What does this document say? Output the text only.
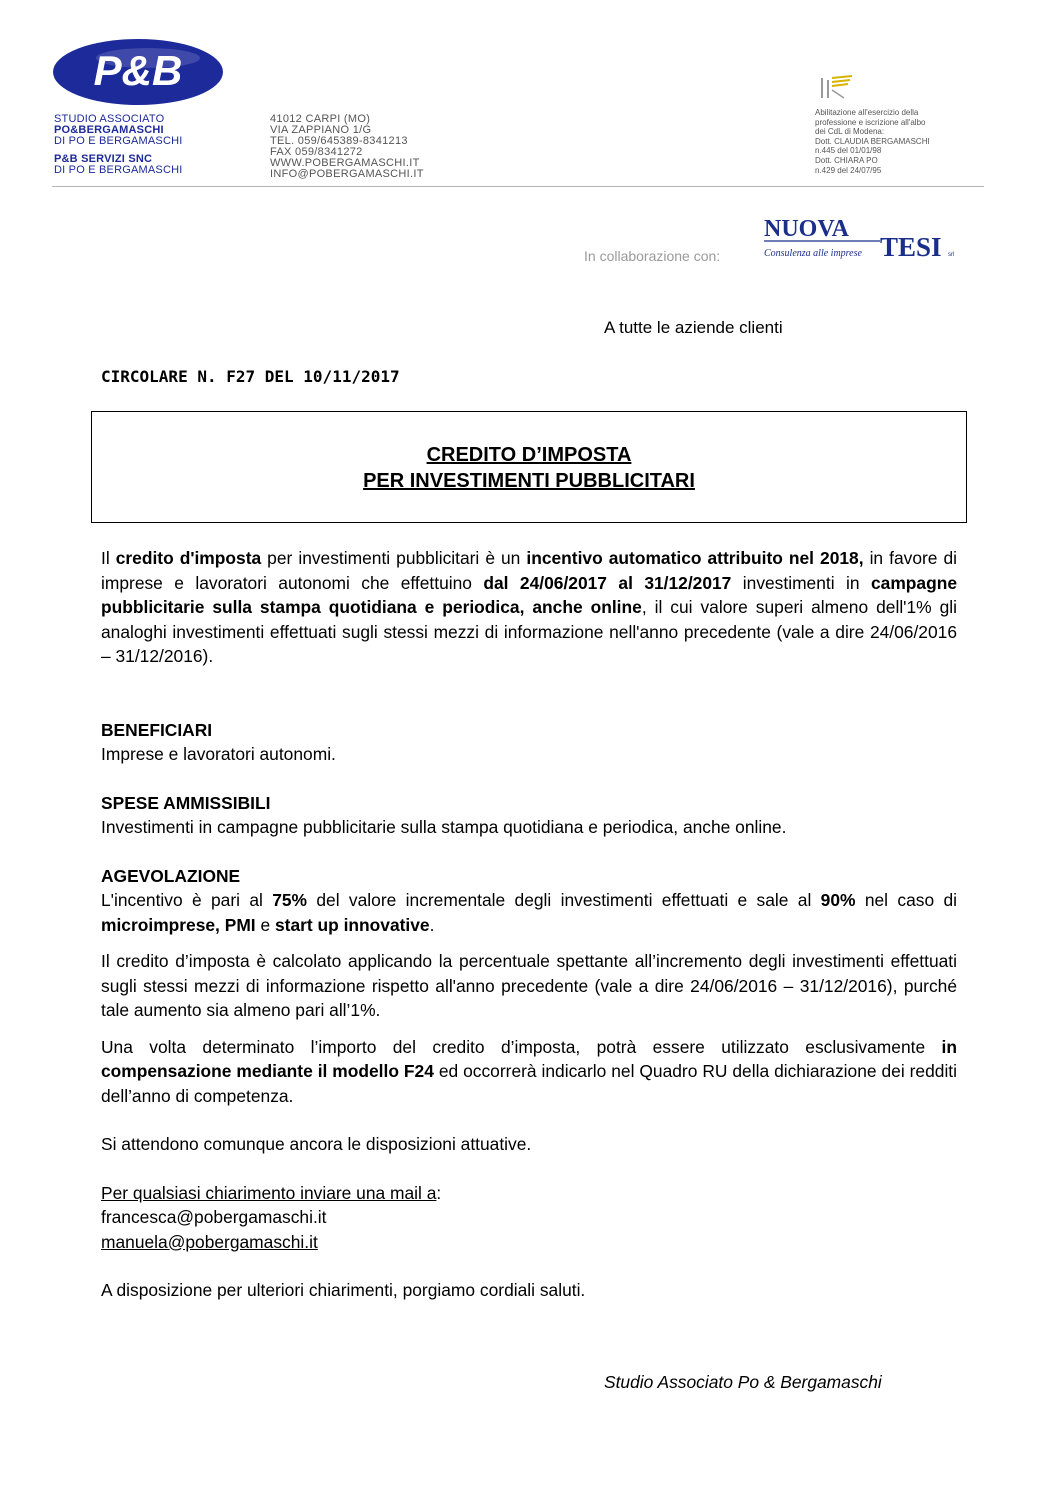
P&B
STUDIO ASSOCIATO
PO&BERGAMASCHI
DI PO E BERGAMASCHI
P&B SERVIZI SNC
DI PO E BERGAMASCHI
41012 CARPI (MO)
VIA ZAPPIANO 1/G
TEL. 059/645389-8341213
FAX 059/8341272
WWW.POBERGAMASCHI.IT
INFO@POBERGAMASCHI.IT
Abilitazione all'esercizio della
professione e iscrizione all'albo
dei CdL di Modena:
Dott. CLAUDIA BERGAMASCHI
n.445 del 01/01/98
Dott. CHIARA PO
n.429 del 24/07/95
In collaborazione con:
NUOVA
Consulenza alle imprese TESI srl
A tutte le aziende clienti
CIRCOLARE N. F27 DEL 10/11/2017
CREDITO D’IMPOSTA
PER INVESTIMENTI PUBBLICITARI

Il credito d'imposta per investimenti pubblicitari è un incentivo automatico attribuito nel 2018, in favore di imprese e lavoratori autonomi che effettuino dal 24/06/2017 al 31/12/2017 investimenti in campagne pubblicitarie sulla stampa quotidiana e periodica, anche online, il cui valore superi almeno dell'1% gli analoghi investimenti effettuati sugli stessi mezzi di informazione nell'anno precedente (vale a dire 24/06/2016 – 31/12/2016).

BENEFICIARI

Imprese e lavoratori autonomi.

SPESE AMMISSIBILI

Investimenti in campagne pubblicitarie sulla stampa quotidiana e periodica, anche online.

AGEVOLAZIONE

L'incentivo è pari al 75% del valore incrementale degli investimenti effettuati e sale al 90% nel caso di microimprese, PMI e start up innovative.

Il credito d’imposta è calcolato applicando la percentuale spettante all’incremento degli investimenti effettuati sugli stessi mezzi di informazione rispetto all'anno precedente (vale a dire 24/06/2016 – 31/12/2016), purché tale aumento sia almeno pari all’1%.

Una volta determinato l’importo del credito d’imposta, potrà essere utilizzato esclusivamente in compensazione mediante il modello F24 ed occorrerà indicarlo nel Quadro RU della dichiarazione dei redditi dell’anno di competenza.

Si attendono comunque ancora le disposizioni attuative.

Per qualsiasi chiarimento inviare una mail a:

francesca@pobergamaschi.it

manuela@pobergamaschi.it

A disposizione per ulteriori chiarimenti, porgiamo cordiali saluti.

Studio Associato Po & Bergamaschi
